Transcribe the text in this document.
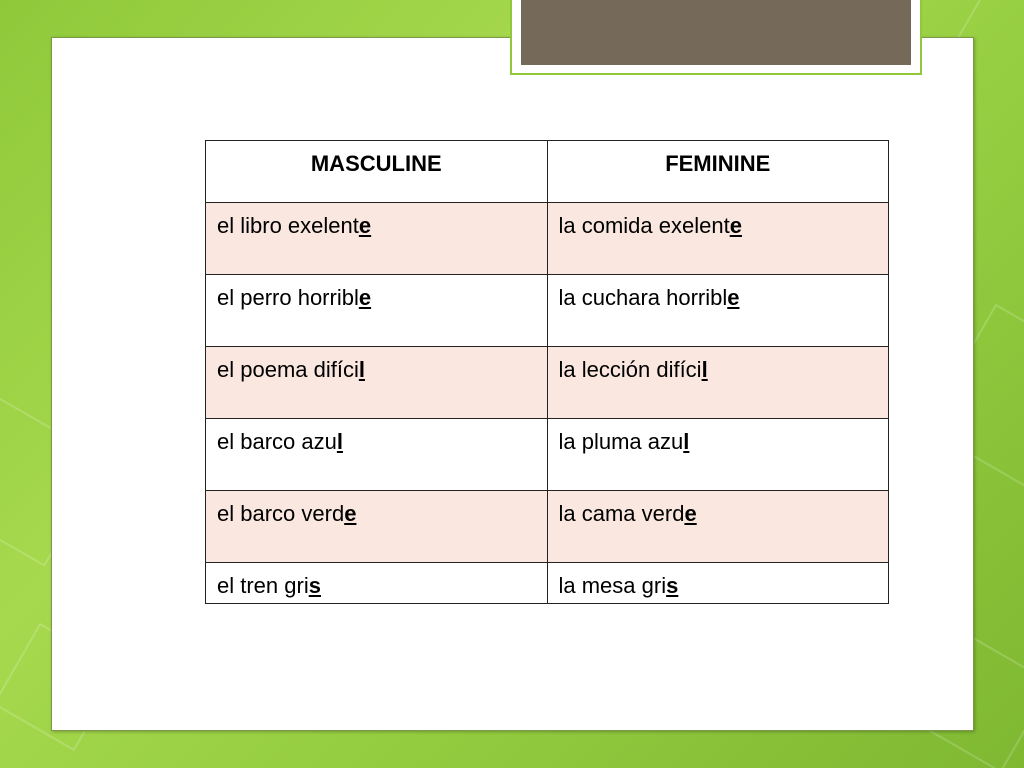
MASCULINE	FEMININE
el libro exelente	la comida exelente
el perro horrible	la cuchara horrible
el poema difícil	la lección difícil
el barco azul	la pluma azul
el barco verde	la cama verde
el tren gris	la mesa gris
